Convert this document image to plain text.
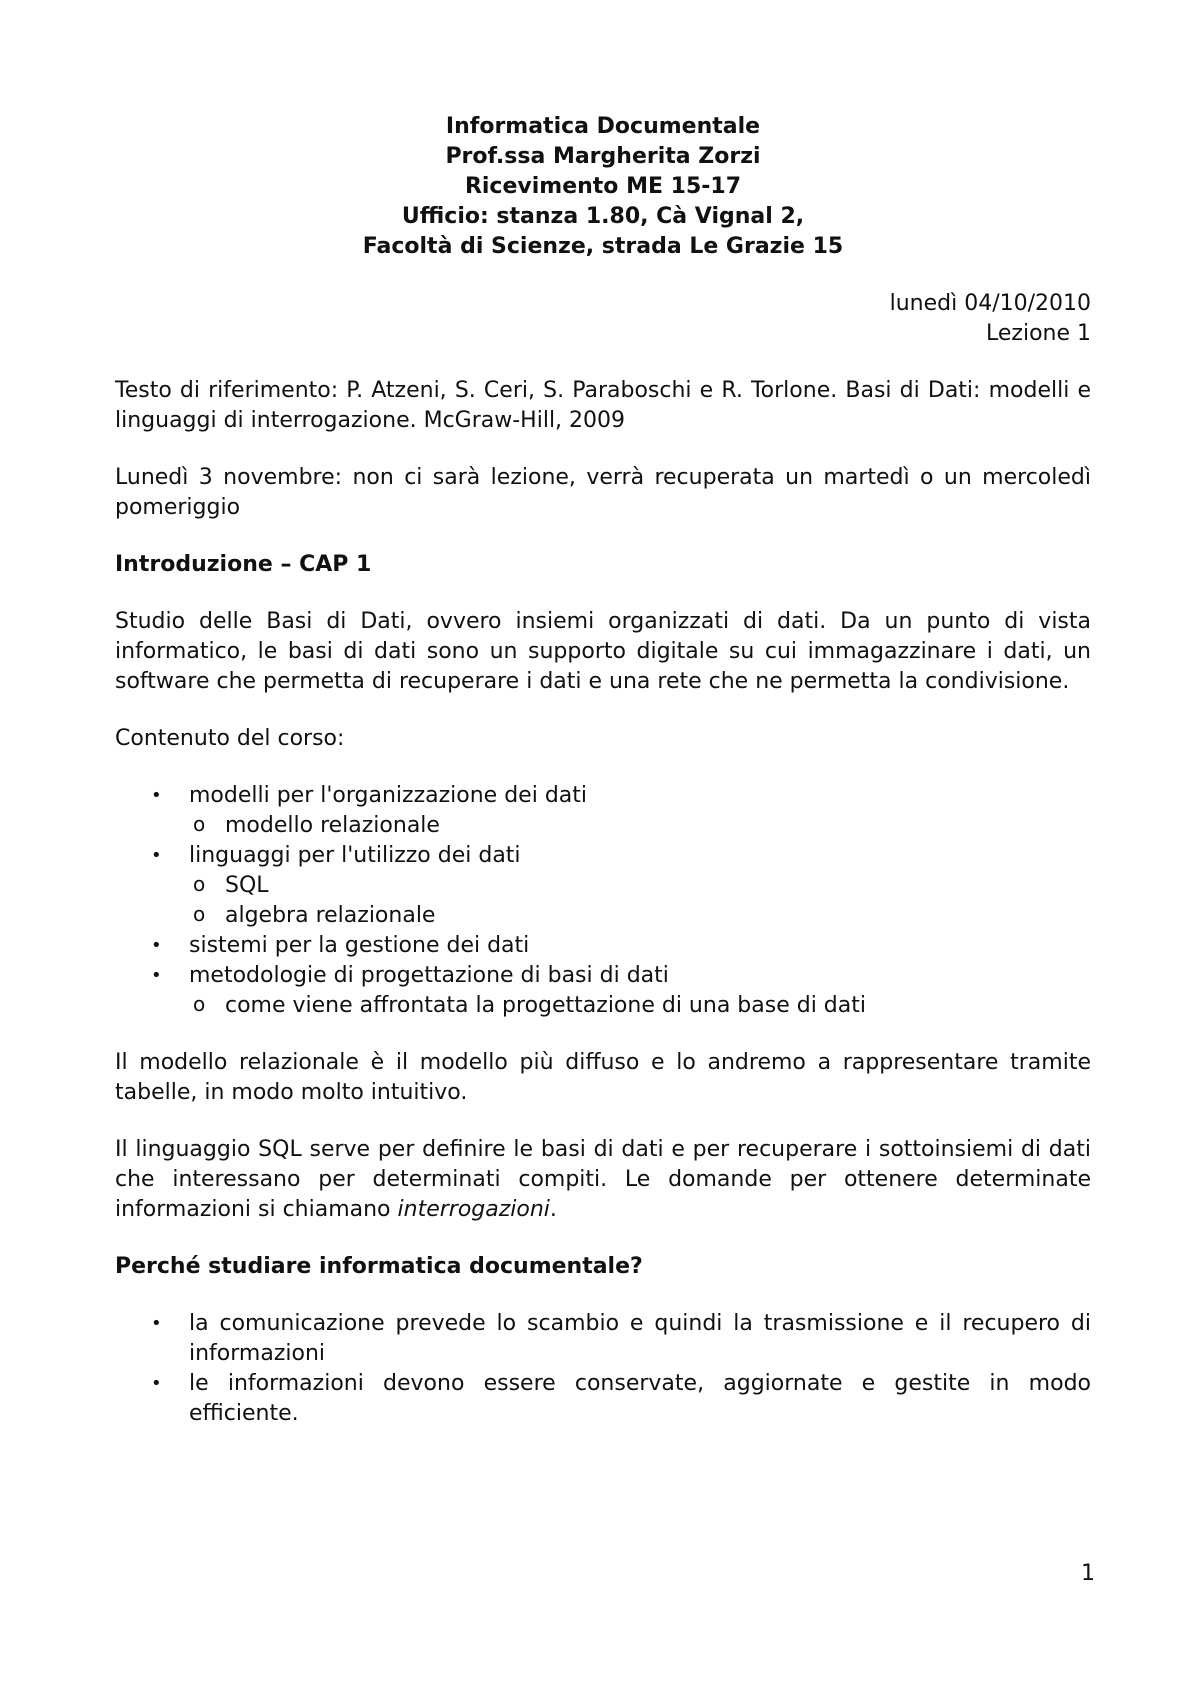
Informatica Documentale

Prof.ssa Margherita Zorzi

Ricevimento ME 15-17

Ufficio: stanza 1.80, Cà Vignal 2,

Facoltà di Scienze, strada Le Grazie 15

lunedì 04/10/2010

Lezione 1

Testo di riferimento: P. Atzeni, S. Ceri, S. Paraboschi e R. Torlone. Basi di Dati: modelli e linguaggi di interrogazione. McGraw-Hill, 2009

Lunedì 3 novembre: non ci sarà lezione, verrà recuperata un martedì o un mercoledì pomeriggio

Introduzione – CAP 1

Studio delle Basi di Dati, ovvero insiemi organizzati di dati. Da un punto di vista informatico, le basi di dati sono un supporto digitale su cui immagazzinare i dati, un software che permetta di recuperare i dati e una rete che ne permetta la condivisione.

Contenuto del corso:

• modelli per l'organizzazione dei dati
o modello relazionale
• linguaggi per l'utilizzo dei dati
o SQL
o algebra relazionale
• sistemi per la gestione dei dati
• metodologie di progettazione di basi di dati
o come viene affrontata la progettazione di una base di dati

Il modello relazionale è il modello più diffuso e lo andremo a rappresentare tramite tabelle, in modo molto intuitivo.

Il linguaggio SQL serve per definire le basi di dati e per recuperare i sottoinsiemi di dati che interessano per determinati compiti. Le domande per ottenere determinate informazioni si chiamano interrogazioni.

Perché studiare informatica documentale?

• la comunicazione prevede lo scambio e quindi la trasmissione e il recupero di informazioni
• le informazioni devono essere conservate, aggiornate e gestite in modo efficiente.
1
